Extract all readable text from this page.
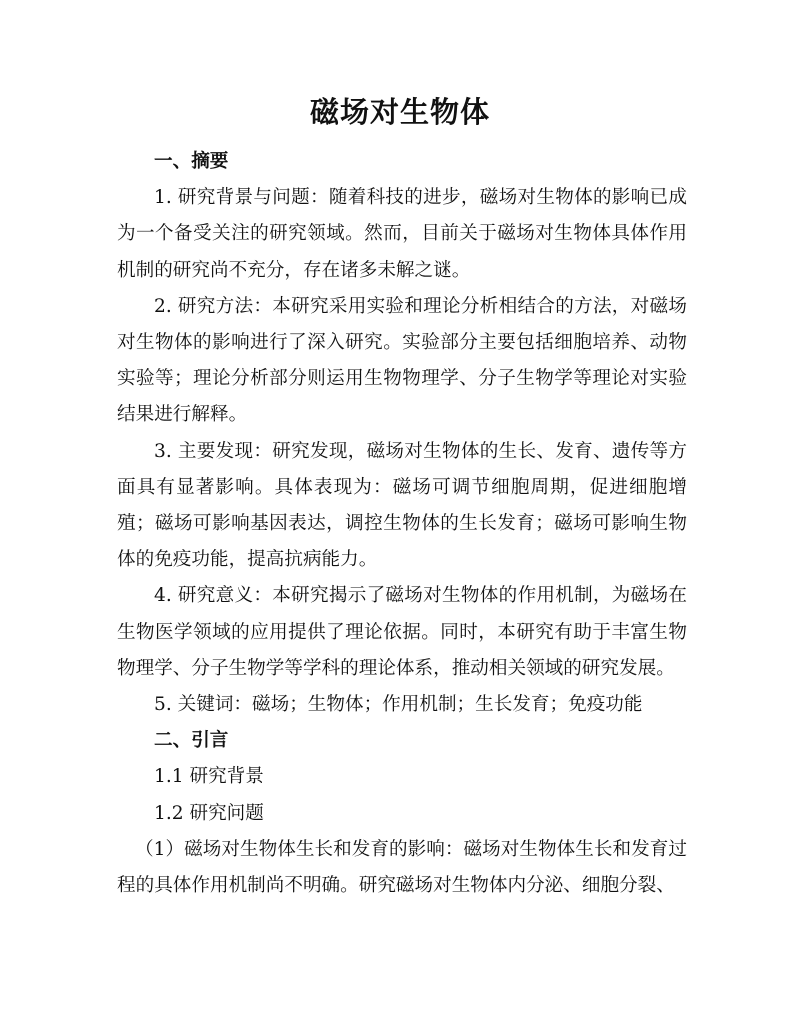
磁场对生物体

一、摘要

1. 研究背景与问题：随着科技的进步，磁场对生物体的影响已成为一个备受关注的研究领域。然而，目前关于磁场对生物体具体作用机制的研究尚不充分，存在诸多未解之谜。

2. 研究方法：本研究采用实验和理论分析相结合的方法，对磁场对生物体的影响进行了深入研究。实验部分主要包括细胞培养、动物实验等；理论分析部分则运用生物物理学、分子生物学等理论对实验结果进行解释。

3. 主要发现：研究发现，磁场对生物体的生长、发育、遗传等方面具有显著影响。具体表现为：磁场可调节细胞周期，促进细胞增殖；磁场可影响基因表达，调控生物体的生长发育；磁场可影响生物体的免疫功能，提高抗病能力。

4. 研究意义：本研究揭示了磁场对生物体的作用机制，为磁场在生物医学领域的应用提供了理论依据。同时，本研究有助于丰富生物物理学、分子生物学等学科的理论体系，推动相关领域的研究发展。

5. 关键词：磁场；生物体；作用机制；生长发育；免疫功能

二、引言

1.1 研究背景

1.2 研究问题

（1）磁场对生物体生长和发育的影响：磁场对生物体生长和发育过程的具体作用机制尚不明确。研究磁场对生物体内分泌、细胞分裂、
